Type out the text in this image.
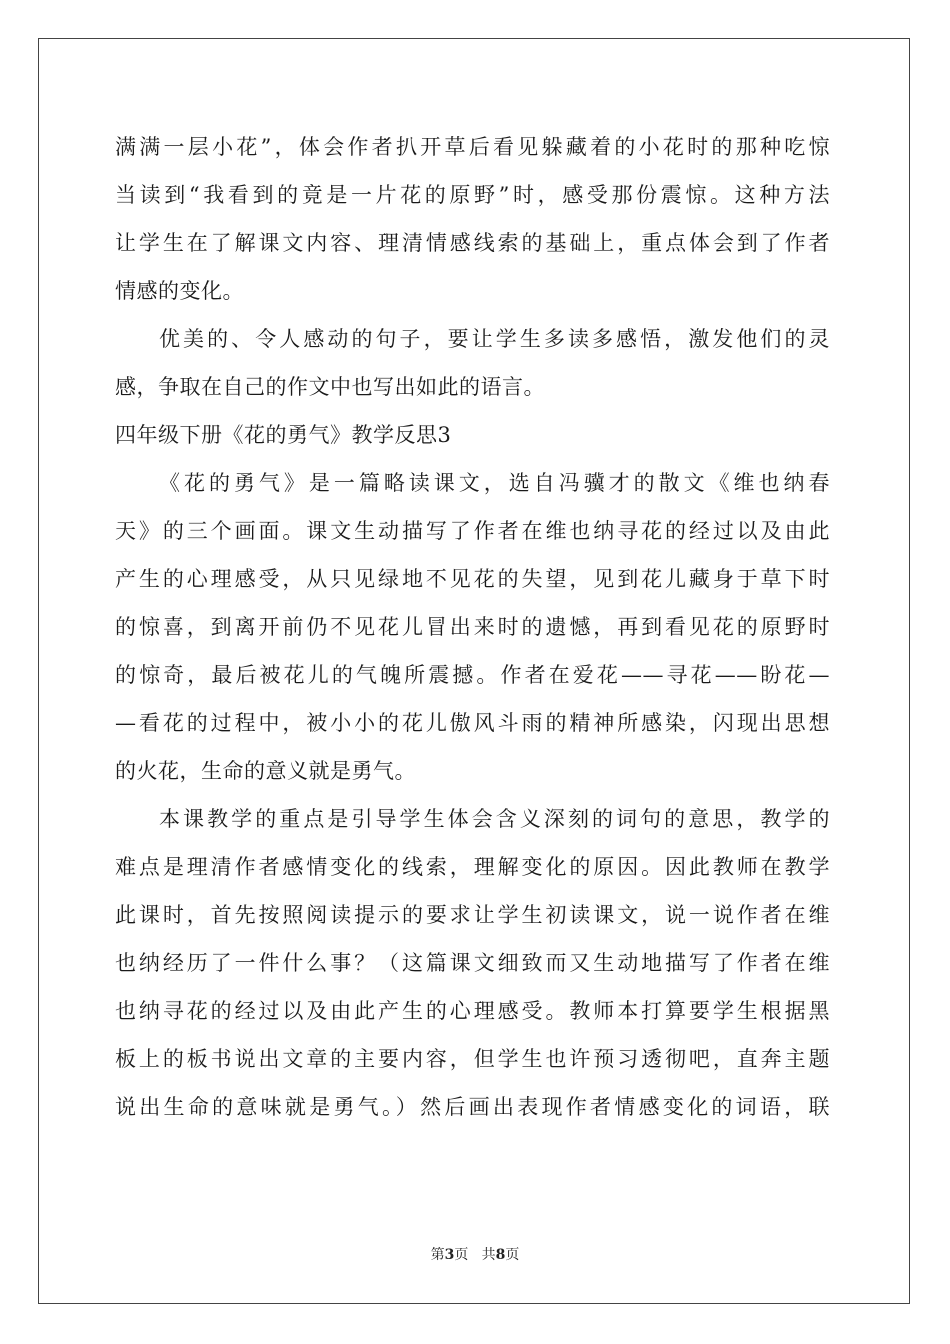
满满一层小花”，体会作者扒开草后看见躲藏着的小花时的那种吃惊
当读到“我看到的竟是一片花的原野”时，感受那份震惊。这种方法
让学生在了解课文内容、理清情感线索的基础上，重点体会到了作者
情感的变化。
优美的、令人感动的句子，要让学生多读多感悟，激发他们的灵
感，争取在自己的作文中也写出如此的语言。
四年级下册《花的勇气》教学反思3
《花的勇气》是一篇略读课文，选自冯骥才的散文《维也纳春
天》的三个画面。课文生动描写了作者在维也纳寻花的经过以及由此
产生的心理感受，从只见绿地不见花的失望，见到花儿藏身于草下时
的惊喜，到离开前仍不见花儿冒出来时的遗憾，再到看见花的原野时
的惊奇，最后被花儿的气魄所震撼。作者在爱花——寻花——盼花—
—看花的过程中，被小小的花儿傲风斗雨的精神所感染，闪现出思想
的火花，生命的意义就是勇气。
本课教学的重点是引导学生体会含义深刻的词句的意思，教学的
难点是理清作者感情变化的线索，理解变化的原因。因此教师在教学
此课时，首先按照阅读提示的要求让学生初读课文，说一说作者在维
也纳经历了一件什么事？（这篇课文细致而又生动地描写了作者在维
也纳寻花的经过以及由此产生的心理感受。教师本打算要学生根据黑
板上的板书说出文章的主要内容，但学生也许预习透彻吧，直奔主题
说出生命的意味就是勇气。）然后画出表现作者情感变化的词语，联
第3页 共8页
